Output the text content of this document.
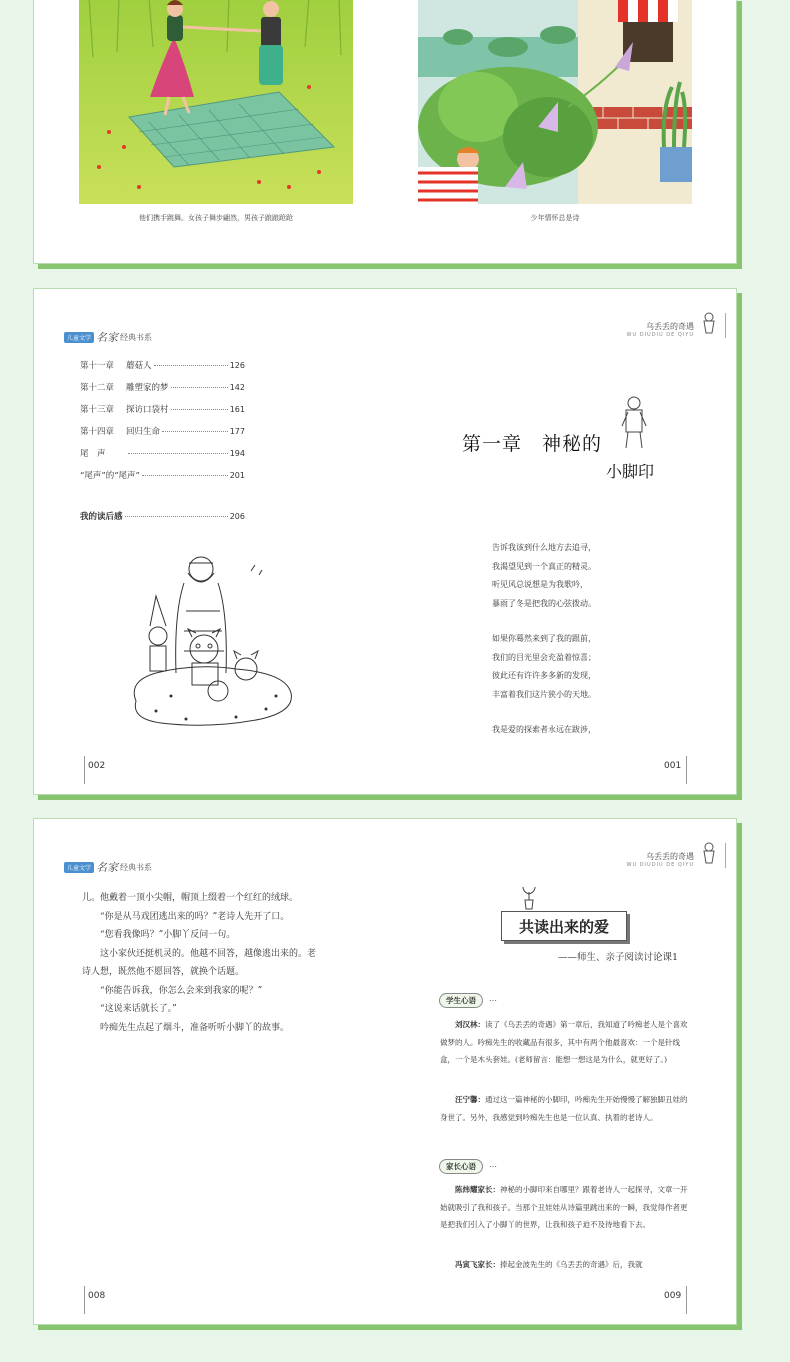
他们携手跳舞。女孩子舞步翩然，男孩子踉踉跄跄	少年情怀总是诗
儿童文学 名家 经典书系
乌丢丢的奇遇
WU DIUDIU DE QIYU
第十一章	蘑菇人	126
第十二章	雕塑家的梦	142
第十三章	探访口袋村	161
第十四章	回归生命	177
尾　声	194
“尾声”的“尾声”	201
我的读后感	206
第一章　神秘的
小脚印
告诉我该到什么地方去追寻，
我渴望见到一个真正的精灵。
听见风总说想是为我歌吟，
暴雨了冬是把我的心弦拨动。
如果你蓦然来到了我的跟前，
我们的目光里会充盈着惊喜；
彼此还有许许多多新的发现，
丰富着我们这片狭小的天地。
我是爱的探索者永远在跋涉，
002	001
儿童文学 名家 经典书系
乌丢丢的奇遇
WU DIUDIU DE QIYU

儿。他戴着一顶小尖帽，帽顶上缀着一个红红的绒球。

“你是从马戏团逃出来的吗？”老诗人先开了口。

“您看我像吗？”小脚丫反问一句。

这小家伙还挺机灵的。他越不回答，越像逃出来的。老

诗人想，既然他不愿回答，就换个话题。

“你能告诉我，你怎么会来到我家的呢？”

“这说来话就长了。”

吟痴先生点起了烟斗，准备听听小脚丫的故事。

共读出来的爱
——师生、亲子阅读讨论课1
学生心语	…
刘汉林：读了《乌丢丢的奇遇》第一章后，我知道了吟痴老人是个喜欢做梦的人。吟痴先生的收藏品有很多，其中有两个他最喜欢：一个是针线盒，一个是木头套娃。(老师留言：能想一想这是为什么，就更好了。)
汪宁馨：通过这一篇神秘的小脚印，吟痴先生开始慢慢了解独脚丑娃的身世了。另外，我感觉到吟痴先生也是一位认真、执着的老诗人。
家长心语	…
陈炜耀家长：神秘的小脚印来自哪里？跟着老诗人一起探寻，文章一开始就吸引了我和孩子。当那个丑娃娃从诗篇里跳出来的一瞬，我觉得作者更是把我们引入了小脚丫的世界，让我和孩子迫不及待地看下去。
冯寅飞家长：捧起金波先生的《乌丢丢的奇遇》后，我就
008	009
